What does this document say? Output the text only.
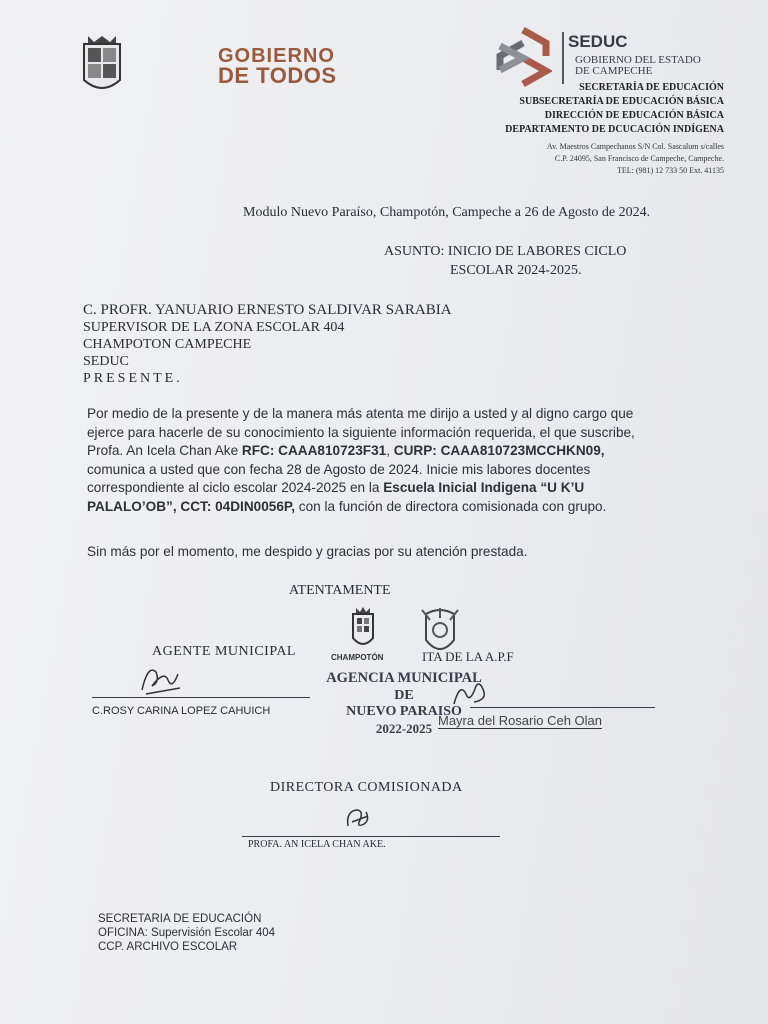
GOBIERNO
DE TODOS
SEDUC
GOBIERNO DEL ESTADO
DE CAMPECHE
SECRETARÍA DE EDUCACIÓN
SUBSECRETARÍA DE EDUCACIÓN BÁSICA
DIRECCIÓN DE EDUCACIÓN BÁSICA
DEPARTAMENTO DE DCUCACIÓN INDÍGENA
Av. Maestros Campechanos S/N Col. Sascalum s/calles
C.P. 24095, San Francisco de Campeche, Campeche.
TEL: (981) 12 733 50 Ext. 41135
Modulo Nuevo Paraíso, Champotón, Campeche a 26 de Agosto de 2024.
ASUNTO: INICIO DE LABORES CICLO
ESCOLAR 2024-2025.
C. PROFR. YANUARIO ERNESTO SALDIVAR SARABIA
SUPERVISOR DE LA ZONA ESCOLAR 404
CHAMPOTON CAMPECHE
SEDUC
PRESENTE.
Por medio de la presente y de la manera más atenta me dirijo a usted y al digno cargo que
ejerce para hacerle de su conocimiento la siguiente información requerida, el que suscribe,
Profa. An Icela Chan Ake RFC: CAAA810723F31, CURP: CAAA810723MCCHKN09,
comunica a usted que con fecha 28 de Agosto de 2024. Inicie mis labores docentes
correspondiente al ciclo escolar 2024-2025 en la Escuela Inicial Indigena “U K’U
PALALO’OB”, CCT: 04DIN0056P, con la función de directora comisionada con grupo.
Sin más por el momento, me despido y gracias por su atención prestada.
ATENTAMENTE
CHAMPOTÓN
AGENTE MUNICIPAL	ITA DE LA A.P.F
AGENCIA MUNICIPAL
DE
NUEVO PARAISO
2022-2025
C.ROSY CARINA LOPEZ CAHUICH
Mayra del Rosario Ceh Olan
DIRECTORA COMISIONADA
PROFA. AN ICELA CHAN AKE.
SECRETARIA DE EDUCACIÓN
OFICINA: Supervisión Escolar 404
CCP. ARCHIVO ESCOLAR
